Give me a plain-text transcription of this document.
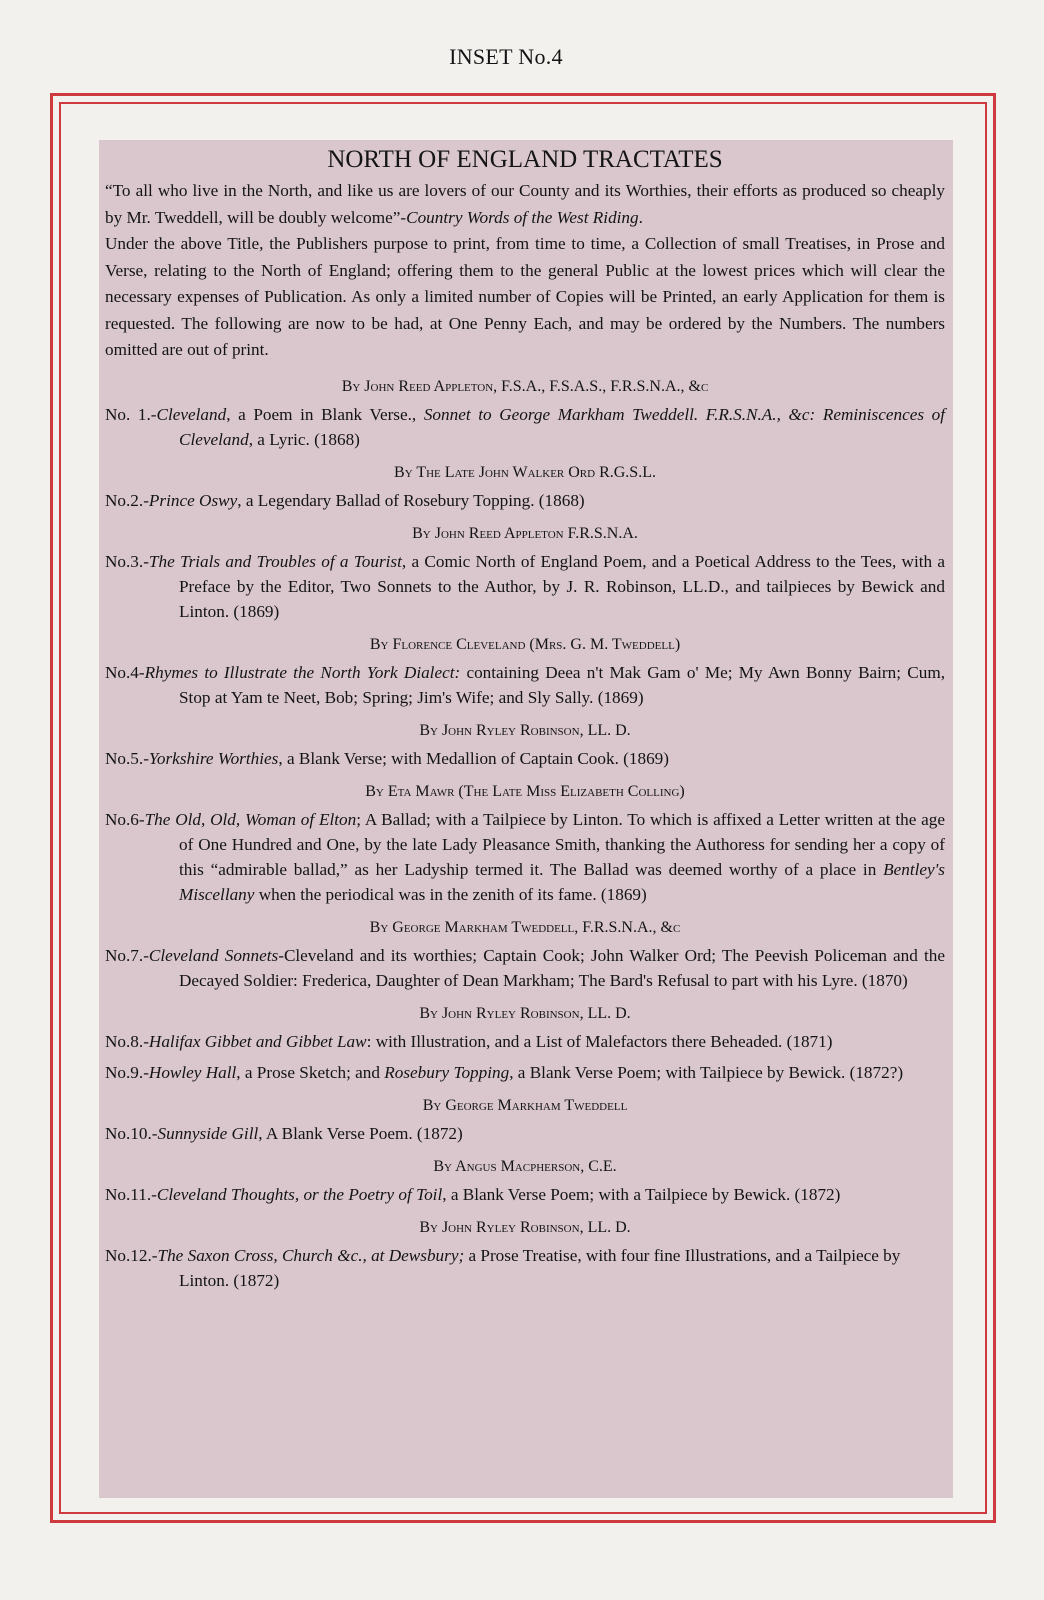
INSET No.4
NORTH OF ENGLAND TRACTATES

“To all who live in the North, and like us are lovers of our County and its Worthies, their efforts as produced so cheaply by Mr. Tweddell, will be doubly welcome”-Country Words of the West Riding.

Under the above Title, the Publishers purpose to print, from time to time, a Collection of small Treatises, in Prose and Verse, relating to the North of England; offering them to the general Public at the lowest prices which will clear the necessary expenses of Publication. As only a limited number of Copies will be Printed, an early Application for them is requested. The following are now to be had, at One Penny Each, and may be ordered by the Numbers. The numbers omitted are out of print.

By John Reed Appleton, F.S.A., F.S.A.S., F.R.S.N.A., &c

No. 1.-Cleveland, a Poem in Blank Verse., Sonnet to George Markham Tweddell. F.R.S.N.A., &c: Reminiscences of Cleveland, a Lyric. (1868)

By The Late John Walker Ord R.G.S.L.

No.2.-Prince Oswy, a Legendary Ballad of Rosebury Topping. (1868)

By John Reed Appleton F.R.S.N.A.

No.3.-The Trials and Troubles of a Tourist, a Comic North of England Poem, and a Poetical Address to the Tees, with a Preface by the Editor, Two Sonnets to the Author, by J. R. Robinson, LL.D., and tailpieces by Bewick and Linton. (1869)

By Florence Cleveland (Mrs. G. M. Tweddell)

No.4-Rhymes to Illustrate the North York Dialect: containing Deea n't Mak Gam o' Me; My Awn Bonny Bairn; Cum, Stop at Yam te Neet, Bob; Spring; Jim's Wife; and Sly Sally. (1869)

By John Ryley Robinson, LL. D.

No.5.-Yorkshire Worthies, a Blank Verse; with Medallion of Captain Cook. (1869)

By Eta Mawr (The Late Miss Elizabeth Colling)

No.6-The Old, Old, Woman of Elton; A Ballad; with a Tailpiece by Linton. To which is affixed a Letter written at the age of One Hundred and One, by the late Lady Pleasance Smith, thanking the Authoress for sending her a copy of this “admirable ballad,” as her Ladyship termed it. The Ballad was deemed worthy of a place in Bentley's Miscellany when the periodical was in the zenith of its fame. (1869)

By George Markham Tweddell, F.R.S.N.A., &c

No.7.-Cleveland Sonnets-Cleveland and its worthies; Captain Cook; John Walker Ord; The Peevish Policeman and the Decayed Soldier: Frederica, Daughter of Dean Markham; The Bard's Refusal to part with his Lyre. (1870)

By John Ryley Robinson, LL. D.

No.8.-Halifax Gibbet and Gibbet Law: with Illustration, and a List of Malefactors there Beheaded. (1871)

No.9.-Howley Hall, a Prose Sketch; and Rosebury Topping, a Blank Verse Poem; with Tailpiece by Bewick. (1872?)

By George Markham Tweddell

No.10.-Sunnyside Gill, A Blank Verse Poem. (1872)

By Angus Macpherson, C.E.

No.11.-Cleveland Thoughts, or the Poetry of Toil, a Blank Verse Poem; with a Tailpiece by Bewick. (1872)

By John Ryley Robinson, LL. D.

No.12.-The Saxon Cross, Church &c., at Dewsbury; a Prose Treatise, with four fine Illustrations, and a Tailpiece by Linton. (1872)
